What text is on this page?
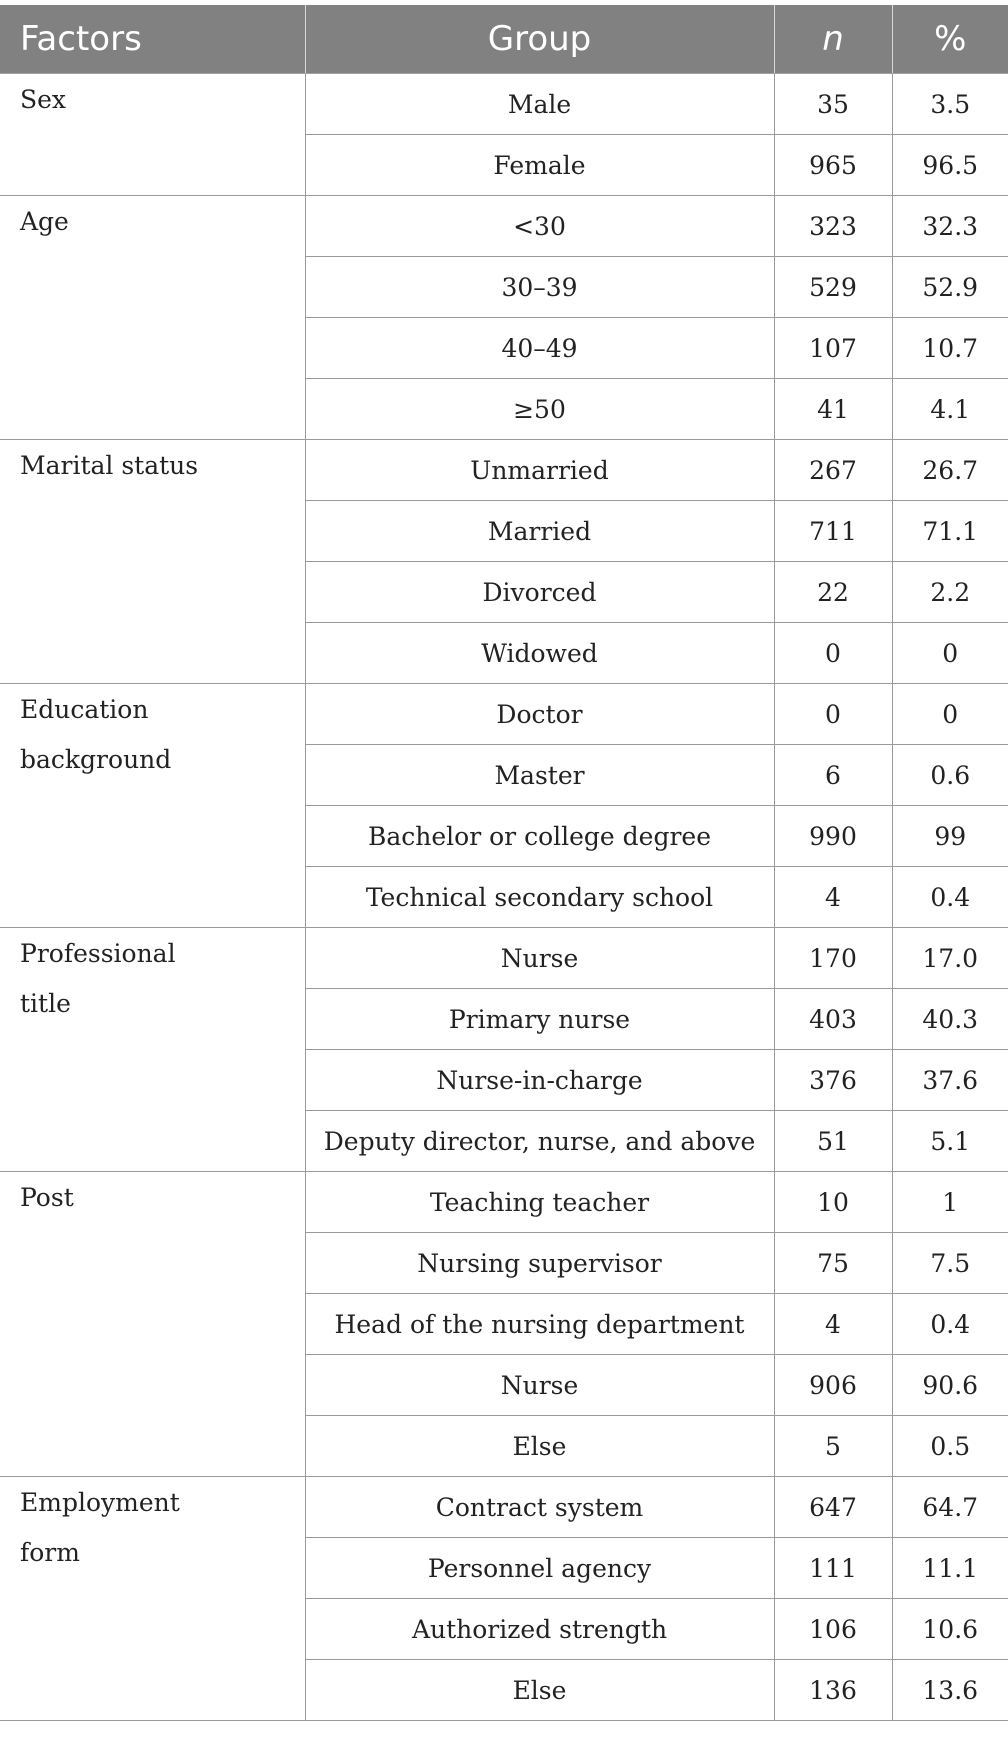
Factors	Group	n	%

Sex	Male	35	3.5
	Female	965	96.5

Age	<30	323	32.3
	30–39	529	52.9
	40–49	107	10.7
	≥50	41	4.1

Marital status	Unmarried	267	26.7
	Married	711	71.1
	Divorced	22	2.2
	Widowed	0	0

Education background	Doctor	0	0
	Master	6	0.6
	Bachelor or college degree	990	99
	Technical secondary school	4	0.4

Professional title	Nurse	170	17.0
	Primary nurse	403	40.3
	Nurse-in-charge	376	37.6
	Deputy director, nurse, and above	51	5.1

Post	Teaching teacher	10	1
	Nursing supervisor	75	7.5
	Head of the nursing department	4	0.4
	Nurse	906	90.6
	Else	5	0.5

Employment form	Contract system	647	64.7
	Personnel agency	111	11.1
	Authorized strength	106	10.6
	Else	136	13.6
